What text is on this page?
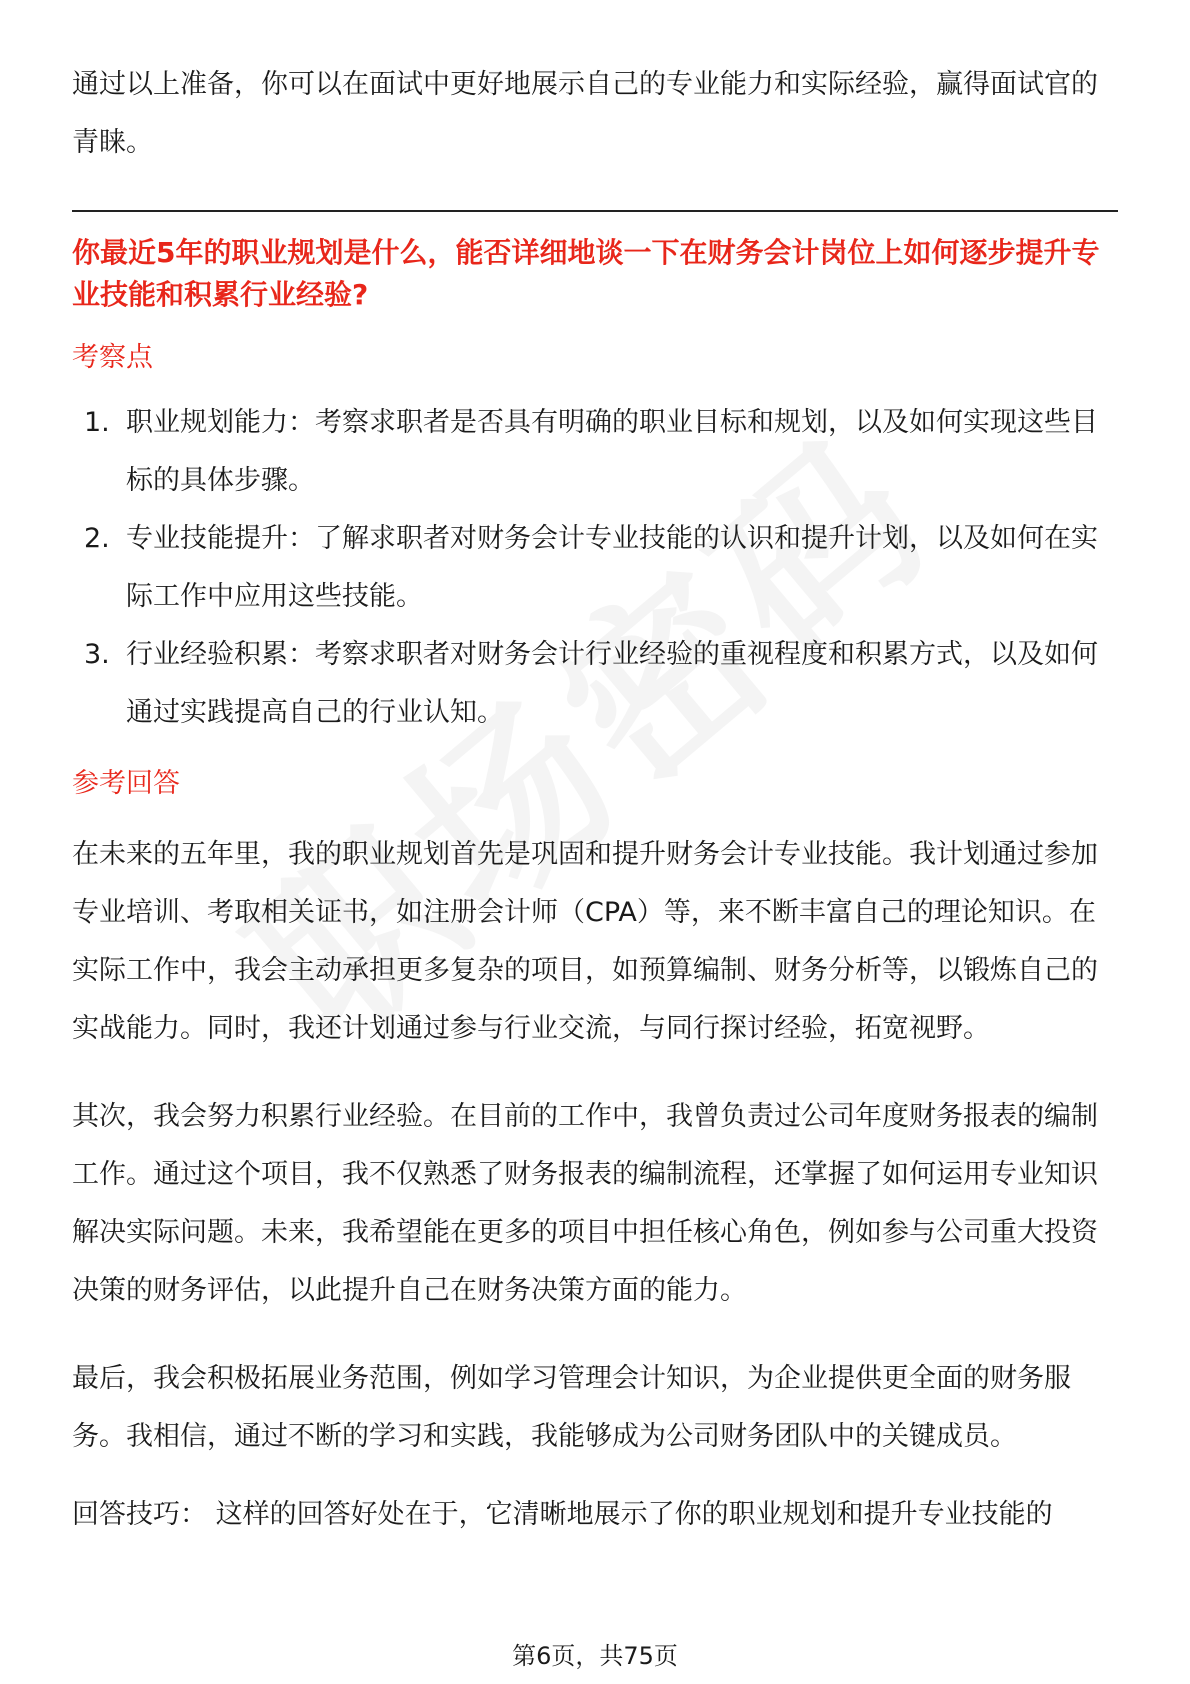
通过以上准备，你可以在面试中更好地展示自己的专业能力和实际经验，赢得面试官的青睐。

你最近5年的职业规划是什么，能否详细地谈一下在财务会计岗位上如何逐步提升专业技能和积累行业经验?

考察点
1. 职业规划能力：考察求职者是否具有明确的职业目标和规划，以及如何实现这些目标的具体步骤。
2. 专业技能提升：了解求职者对财务会计专业技能的认识和提升计划，以及如何在实际工作中应用这些技能。
3. 行业经验积累：考察求职者对财务会计行业经验的重视程度和积累方式，以及如何通过实践提高自己的行业认知。
参考回答

在未来的五年里，我的职业规划首先是巩固和提升财务会计专业技能。我计划通过参加专业培训、考取相关证书，如注册会计师（CPA）等，来不断丰富自己的理论知识。在实际工作中，我会主动承担更多复杂的项目，如预算编制、财务分析等，以锻炼自己的实战能力。同时，我还计划通过参与行业交流，与同行探讨经验，拓宽视野。

其次，我会努力积累行业经验。在目前的工作中，我曾负责过公司年度财务报表的编制工作。通过这个项目，我不仅熟悉了财务报表的编制流程，还掌握了如何运用专业知识解决实际问题。未来，我希望能在更多的项目中担任核心角色，例如参与公司重大投资决策的财务评估，以此提升自己在财务决策方面的能力。

最后，我会积极拓展业务范围，例如学习管理会计知识，为企业提供更全面的财务服务。我相信，通过不断的学习和实践，我能够成为公司财务团队中的关键成员。

回答技巧： 这样的回答好处在于，它清晰地展示了你的职业规划和提升专业技能的

第6页，共75页
